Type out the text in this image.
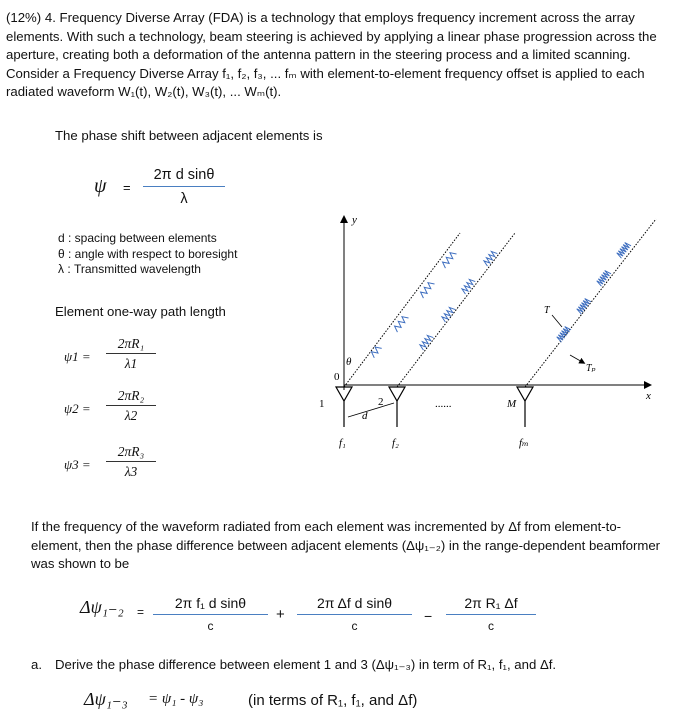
(12%) 4. Frequency Diverse Array (FDA) is a technology that employs frequency increment across the array elements. With such a technology, beam steering is achieved by applying a linear phase progression across the aperture, creating both a deformation of the antenna pattern in the steering process and a limited scanning. Consider a Frequency Diverse Array f₁, f₂, f₃, ... fₘ with element-to-element frequency offset is applied to each radiated waveform W₁(t), W₂(t), W₃(t), ... Wₘ(t).
The phase shift between adjacent elements is
ψ =
2π d sinθ
λ
d : spacing between elements
θ : angle with respect to boresight
λ : Transmitted wavelength
Element one-way path length
ψ1 =
2πR₁
λ1
ψ2 =
2πR₂
λ2
ψ3 =
2πR₃
λ3
y
x
0
θ
T
Tₚ
1	2	M
......
d
f₁	f₂	fₘ
If the frequency of the waveform radiated from each element was incremented by Δf from element-to-element, then the phase difference between adjacent elements (Δψ₁₋₂) in the range-dependent beamformer was shown to be
Δψ₁₋₂ =
2π f₁ d sinθ
c
+
2π Δf d sinθ
c
−
2π R₁ Δf
c
a. Derive the phase difference between element 1 and 3 (Δψ₁₋₃) in term of R₁, f₁, and Δf.
Δψ₁₋₃ = ψ₁ - ψ₃	(in terms of R₁, f₁, and Δf)
